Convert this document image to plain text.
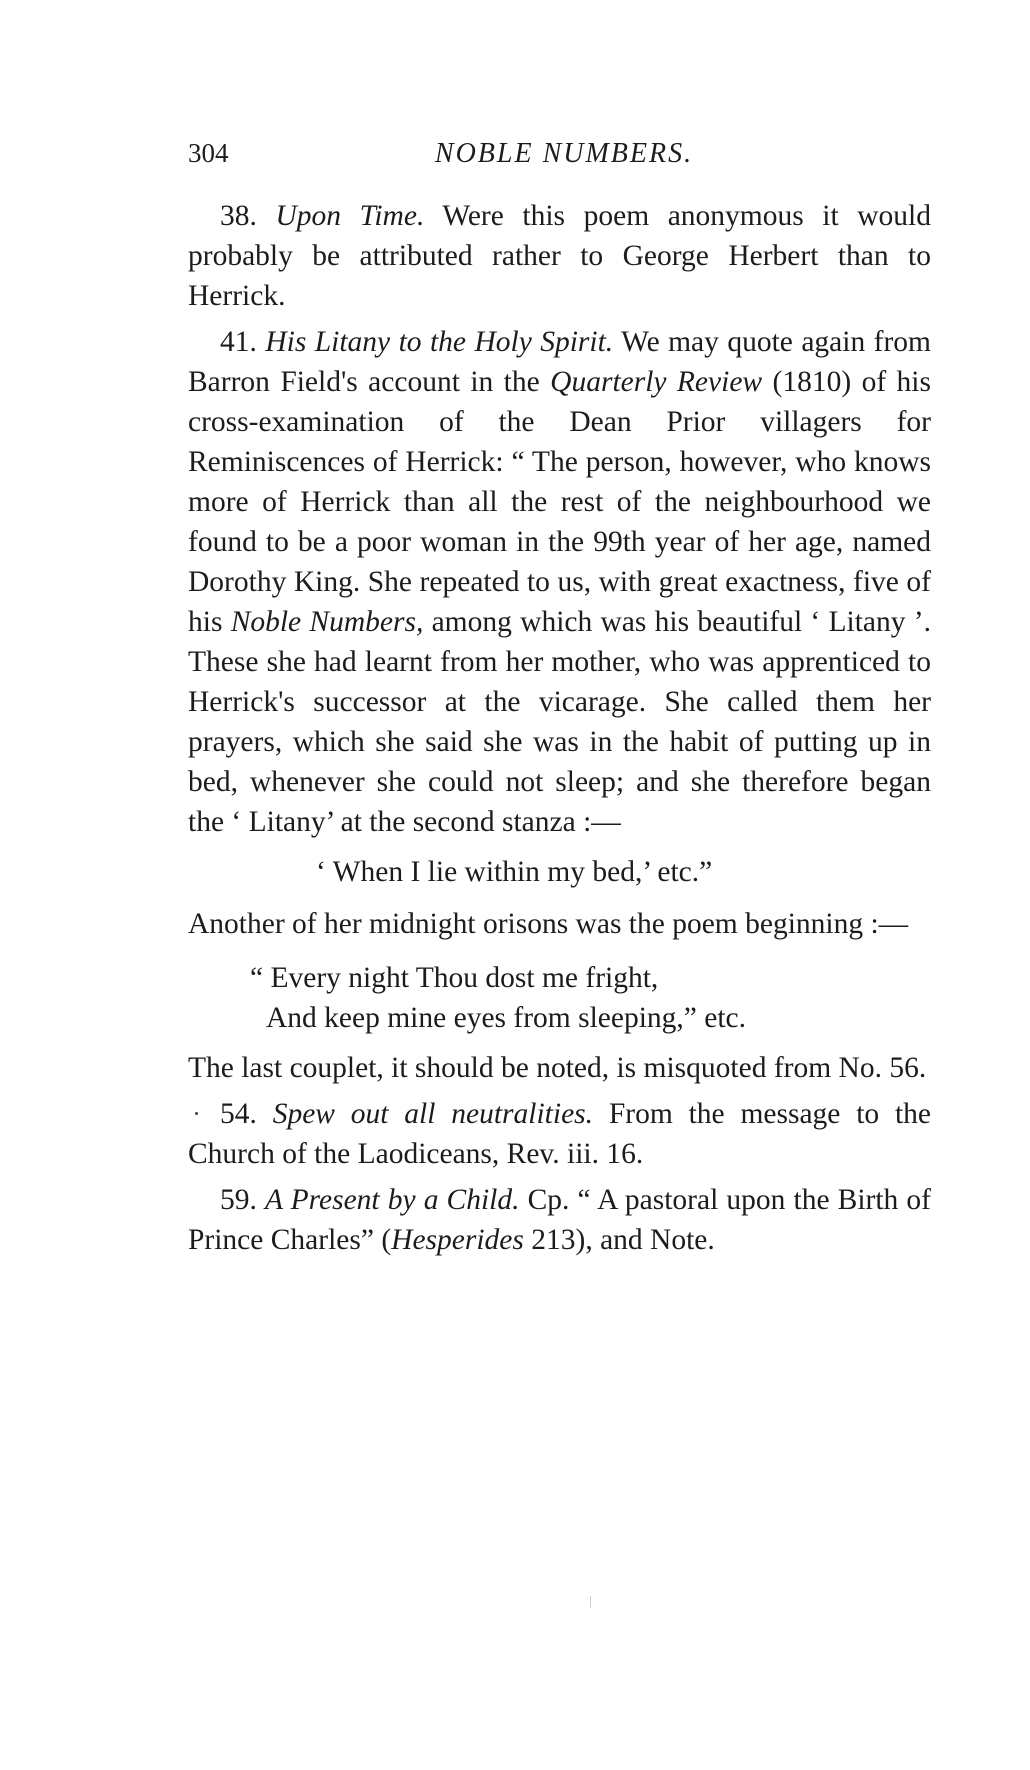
304	NOBLE NUMBERS.

38. Upon Time. Were this poem anonymous it would probably be attributed rather to George Herbert than to Herrick.

41. His Litany to the Holy Spirit. We may quote again from Barron Field's account in the Quarterly Review (1810) of his cross-examination of the Dean Prior villagers for Reminiscences of Herrick: “ The person, however, who knows more of Herrick than all the rest of the neighbourhood we found to be a poor woman in the 99th year of her age, named Dorothy King. She repeated to us, with great exactness, five of his Noble Numbers, among which was his beautiful ‘ Litany ’. These she had learnt from her mother, who was apprenticed to Herrick's successor at the vicarage. She called them her prayers, which she said she was in the habit of putting up in bed, whenever she could not sleep; and she therefore began the ‘ Litany’ at the second stanza :—

‘ When I lie within my bed,’ etc.”

Another of her midnight orisons was the poem beginning :—

“ Every night Thou dost me fright,
And keep mine eyes from sleeping,” etc.

The last couplet, it should be noted, is misquoted from No. 56.

54. Spew out all neutralities. From the message to the Church of the Laodiceans, Rev. iii. 16.

59. A Present by a Child. Cp. “ A pastoral upon the Birth of Prince Charles” (Hesperides 213), and Note.
